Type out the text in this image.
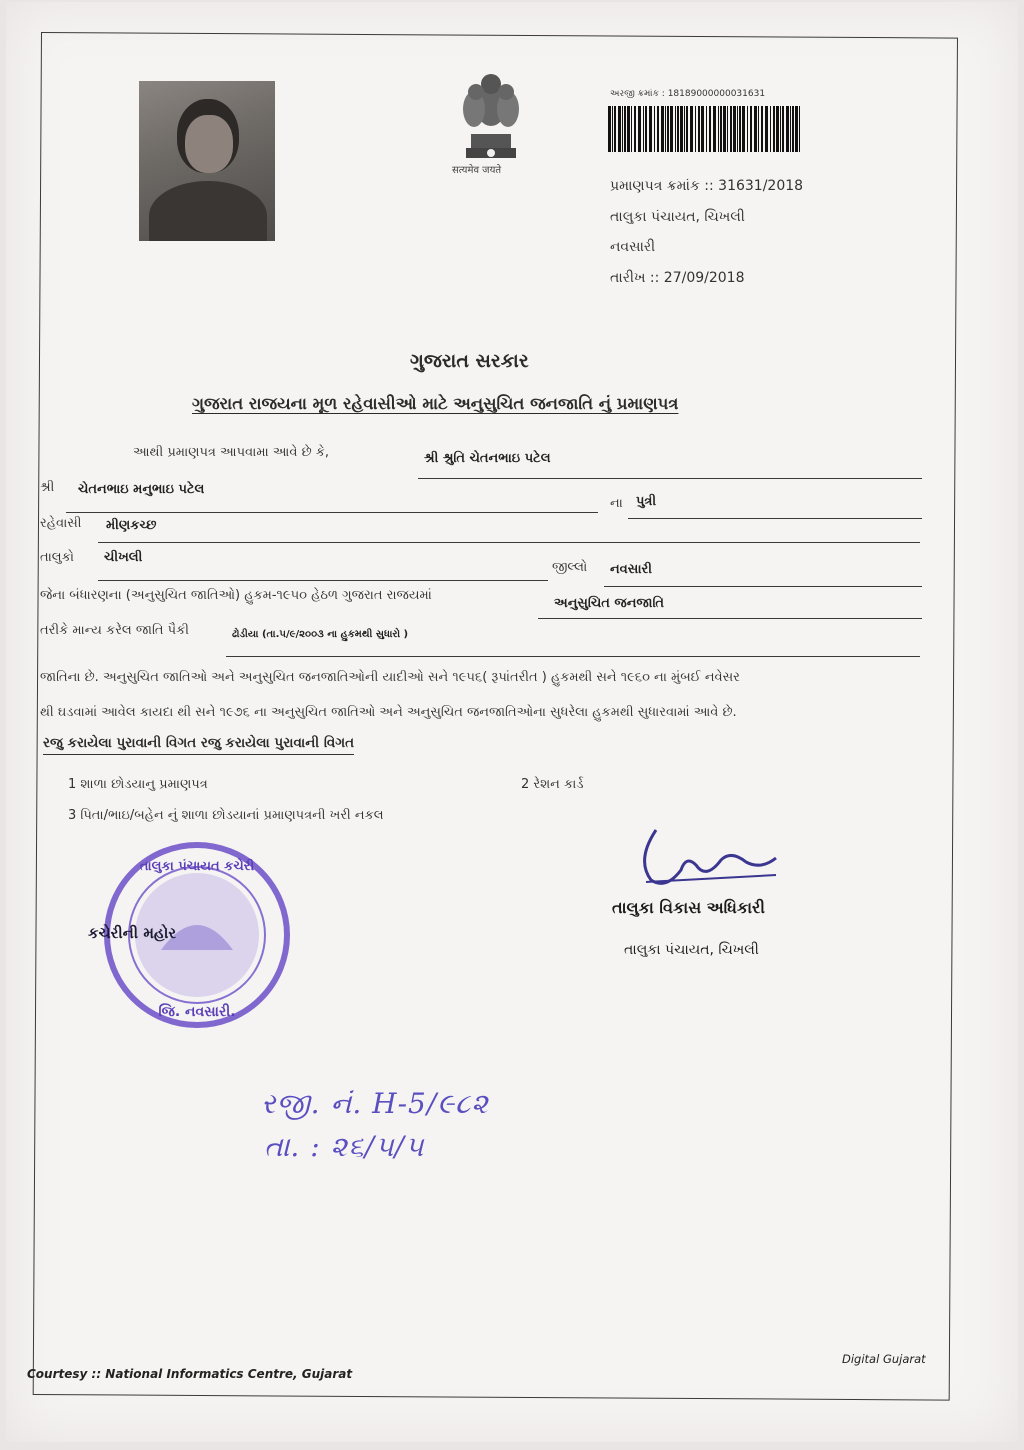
सत्यमेव जयते
અરજી ક્રમાંક : 18189000000031631
પ્રમાણપત્ર ક્રમાંક :: 31631/2018
તાલુકા પંચાયત, ચિખલી
નવસારી
તારીખ :: 27/09/2018
ગુજરાત સરકાર
ગુજરાત રાજયના મૂળ રહેવાસીઓ માટે અનુસુચિત જનજાતિ નું પ્રમાણપત્ર
આથી પ્રમાણપત્ર આપવામા આવે છે કે,	શ્રી શ્રુતિ ચેતનભાઇ પટેલ
શ્રી ચેતનભાઇ મનુભાઇ પટેલ
ના પુત્રી
રહેવાસી મીણકચ્છ
તાલુકો ચીખલી
જીલ્લો નવસારી
જેના બંધારણના (અનુસુચિત જાતિઓ) હુકમ-૧૯૫૦ હેઠળ ગુજરાત રાજયમાં
અનુસુચિત જનજાતિ
તરીકે માન્ય કરેલ જાતિ પૈકી	ઢોડીયા (તા.૫/૯/૨૦૦૩ ના હુકમથી સુધારો )
જાતિના છે. અનુસુચિત જાતિઓ અને અનુસુચિત જનજાતિઓની યાદીઓ સને ૧૯૫૬( રૂપાંતરીત ) હુકમથી સને ૧૯૬૦ ના મુંબઈ નવેસર
થી ઘડવામાં આવેલ કાયદા થી સને ૧૯૭૬ ના અનુસુચિત જાતિઓ અને અનુસુચિત જનજાતિઓના સુધરેલા હુકમથી સુધારવામાં આવે છે.
રજુ કરાયેલા પુરાવાની વિગત રજુ કરાયેલા પુરાવાની વિગત
1 શાળા છોડયાનુ પ્રમાણપત્ર	2 રેશન કાર્ડ
3 પિતા/ભાઇ/બહેન નું શાળા છોડયાનાં પ્રમાણપત્રની ખરી નકલ
તાલુકા પંચાયત કચેરી
જિ. નવસારી.
કચેરીની મહોર
તાલુકા વિકાસ અધિકારી
તાલુકા પંચાયત, ચિખલી
રજી. નં. H-5/૯૮૨
તા. : ૨૬/૫/૫
Courtesy :: National Informatics Centre, Gujarat
Digital Gujarat
